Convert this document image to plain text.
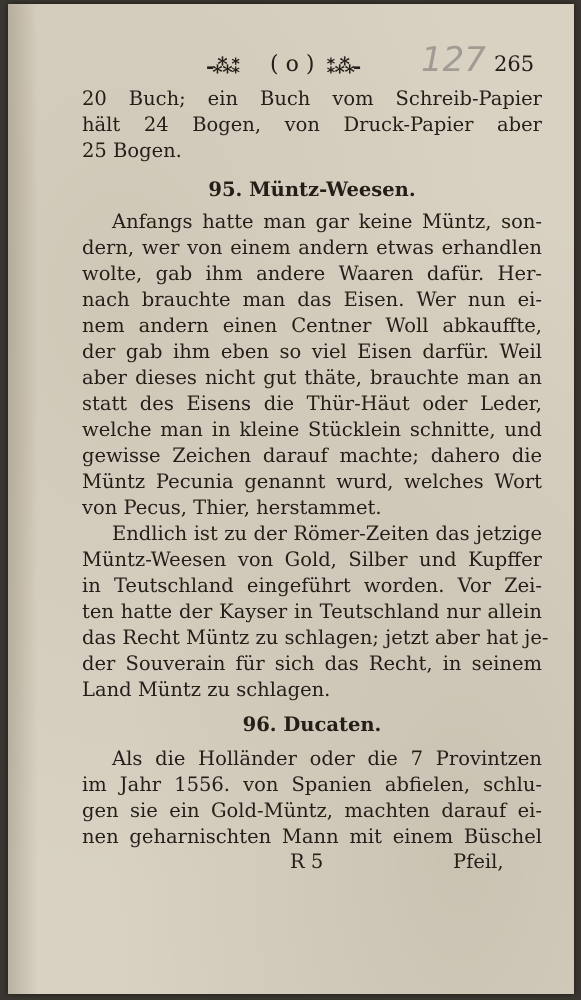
-⁂⁑ ( o ) ⁑⁂- 127 265
20 Buch; ein Buch vom Schreib-Papier
hält 24 Bogen, von Druck-Papier aber
25 Bogen.
95. Müntz-Weesen.
Anfangs hatte man gar keine Müntz, son-
dern, wer von einem andern etwas erhandlen
wolte, gab ihm andere Waaren dafür. Her-
nach brauchte man das Eisen. Wer nun ei-
nem andern einen Centner Woll abkauffte,
der gab ihm eben so viel Eisen darfür. Weil
aber dieses nicht gut thäte, brauchte man an
statt des Eisens die Thür-Häut oder Leder,
welche man in kleine Stücklein schnitte, und
gewisse Zeichen darauf machte; dahero die
Müntz Pecunia genannt wurd, welches Wort
von Pecus, Thier, herstammet.
Endlich ist zu der Römer-Zeiten das jetzige
Müntz-Weesen von Gold, Silber und Kupffer
in Teutschland eingeführt worden. Vor Zei-
ten hatte der Kayser in Teutschland nur allein
das Recht Müntz zu schlagen; jetzt aber hat je-
der Souverain für sich das Recht, in seinem
Land Müntz zu schlagen.
96. Ducaten.
Als die Holländer oder die 7 Provintzen
im Jahr 1556. von Spanien abfielen, schlu-
gen sie ein Gold-Müntz, machten darauf ei-
nen geharnischten Mann mit einem Büschel
R 5	Pfeil,
